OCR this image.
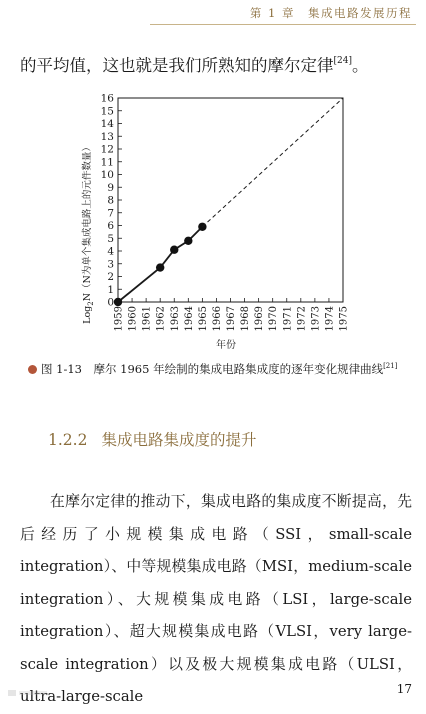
第 1 章　集成电路发展历程
的平均值，这也就是我们所熟知的摩尔定律[24]。
0
1
2
3
4
5
6
7
8
9
10
11
12
13
14
15
16
1959 1960 1961 1962 1963 1964 1965 1966 1967 1968 1969 1970 1971 1972 1973 1974 1975
Log$_2$N（N为单个集成电路上的元件数量）
年份
图 1-13　 摩尔 1965 年绘制的集成电路集成度的逐年变化规律曲线[21]
1.2.2 集成电路集成度的提升

在摩尔定律的推动下，集成电路的集成度不断提高，先后经历了小规模集成电路（SSI，small-scale integration）、中等规模集成电路（MSI，medium-scale integration）、大规模集成电路（LSI，large-scale integration）、超大规模集成电路（VLSI，very large-scale integration）以及极大规模集成电路（ULSI，ultra-large-scale	17
